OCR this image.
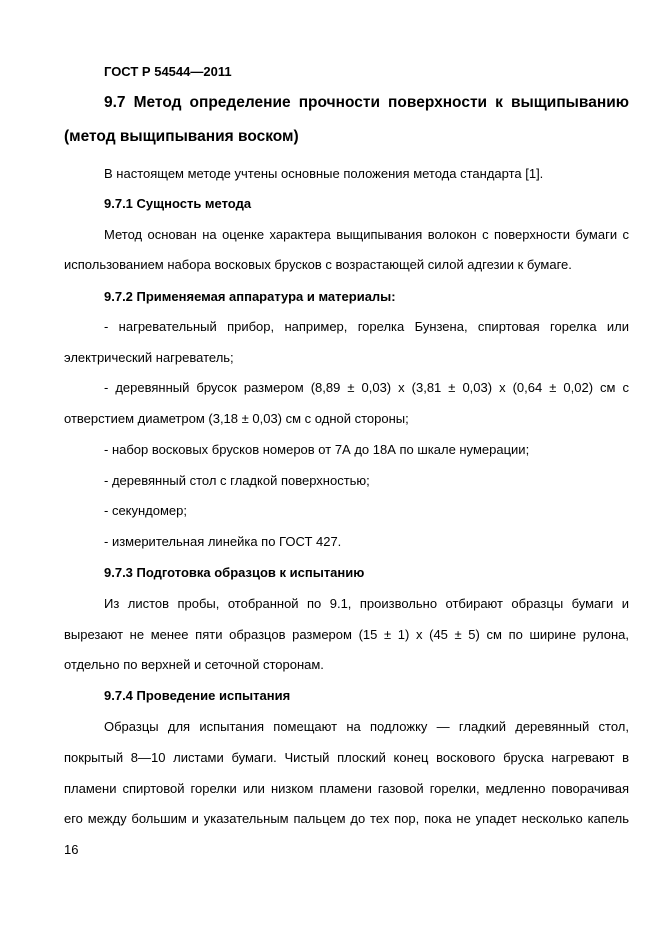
ГОСТ Р 54544—2011
9.7 Метод определение прочности поверхности к выщипыванию
(метод выщипывания воском)
В настоящем методе учтены основные положения метода стандарта [1].
9.7.1 Сущность метода
Метод основан на оценке характера выщипывания волокон с поверхности бумаги с
использованием набора восковых брусков с возрастающей силой адгезии к бумаге.
9.7.2 Применяемая аппаратура и материалы:
- нагревательный прибор, например, горелка Бунзена, спиртовая горелка или
электрический нагреватель;
- деревянный брусок размером (8,89 ± 0,03) х (3,81 ± 0,03) х (0,64 ± 0,02) см с
отверстием диаметром (3,18 ± 0,03) см с одной стороны;
- набор восковых брусков номеров от 7А до 18А по шкале нумерации;
- деревянный стол с гладкой поверхностью;
- секундомер;
- измерительная линейка по ГОСТ 427.
9.7.3 Подготовка образцов к испытанию
Из листов пробы, отобранной по 9.1, произвольно отбирают образцы бумаги и
вырезают не менее пяти образцов размером (15 ± 1) х (45 ± 5) см по ширине рулона,
отдельно по верхней и сеточной сторонам.
9.7.4 Проведение испытания
Образцы для испытания помещают на подложку — гладкий деревянный стол,
покрытый 8—10 листами бумаги. Чистый плоский конец воскового бруска нагревают в
пламени спиртовой горелки или низком пламени газовой горелки, медленно поворачивая
его между большим и указательным пальцем до тех пор, пока не упадет несколько капель
16
